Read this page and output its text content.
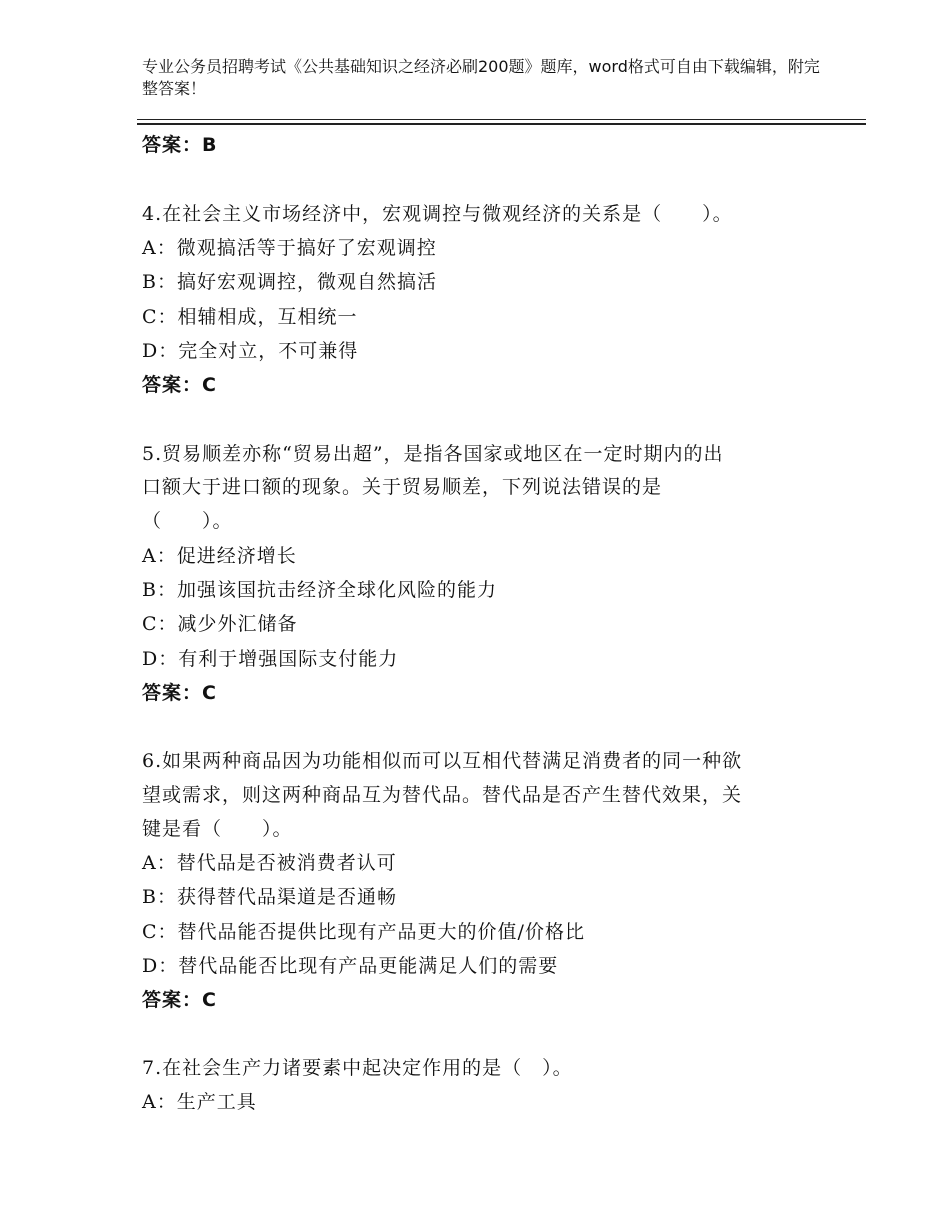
专业公务员招聘考试《公共基础知识之经济必刷200题》题库，word格式可自由下载编辑，附完整答案！
答案：B
4.在社会主义市场经济中，宏观调控与微观经济的关系是（　　）。
A：微观搞活等于搞好了宏观调控
B：搞好宏观调控，微观自然搞活
C：相辅相成，互相统一
D：完全对立，不可兼得
答案：C
5.贸易顺差亦称“贸易出超”，是指各国家或地区在一定时期内的出
口额大于进口额的现象。关于贸易顺差，下列说法错误的是
（　　）。
A：促进经济增长
B：加强该国抗击经济全球化风险的能力
C：减少外汇储备
D：有利于增强国际支付能力
答案：C
6.如果两种商品因为功能相似而可以互相代替满足消费者的同一种欲
望或需求，则这两种商品互为替代品。替代品是否产生替代效果，关
键是看（　　）。
A：替代品是否被消费者认可
B：获得替代品渠道是否通畅
C：替代品能否提供比现有产品更大的价值/价格比
D：替代品能否比现有产品更能满足人们的需要
答案：C
7.在社会生产力诸要素中起决定作用的是（　）。
A：生产工具
